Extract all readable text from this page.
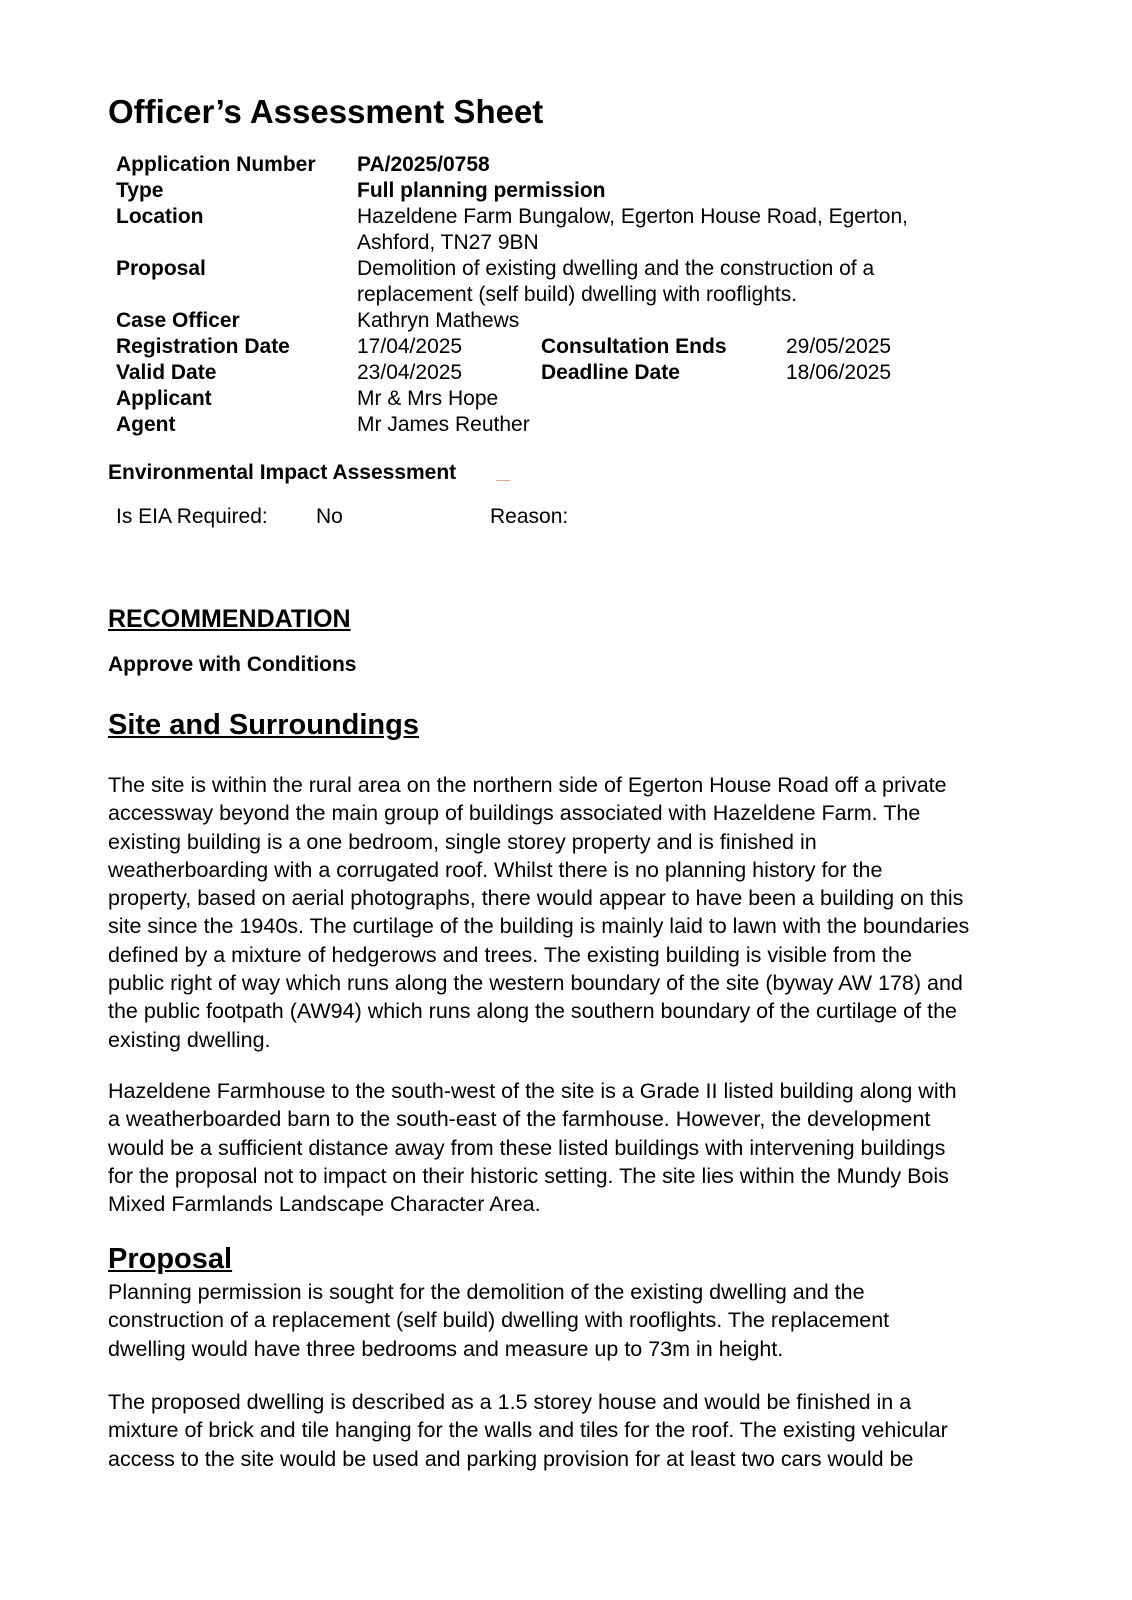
Officer’s Assessment Sheet
Application Number	PA/2025/0758		
Type	Full planning permission		
Location	Hazeldene Farm Bungalow, Egerton House Road, Egerton, Ashford, TN27 9BN		
Proposal	Demolition of existing dwelling and the construction of a replacement (self build) dwelling with rooflights.		
Case Officer	Kathryn Mathews		
Registration Date	17/04/2025	Consultation Ends	29/05/2025
Valid Date	23/04/2025	Deadline Date	18/06/2025
Applicant	Mr & Mrs Hope		
Agent	Mr James Reuther		
Environmental Impact Assessment
Is EIA Required: No	Reason:
RECOMMENDATION
Approve with Conditions
Site and Surroundings
The site is within the rural area on the northern side of Egerton House Road off a private
accessway beyond the main group of buildings associated with Hazeldene Farm. The
existing building is a one bedroom, single storey property and is finished in
weatherboarding with a corrugated roof. Whilst there is no planning history for the
property, based on aerial photographs, there would appear to have been a building on this
site since the 1940s. The curtilage of the building is mainly laid to lawn with the boundaries
defined by a mixture of hedgerows and trees. The existing building is visible from the
public right of way which runs along the western boundary of the site (byway AW 178) and
the public footpath (AW94) which runs along the southern boundary of the curtilage of the
existing dwelling.
Hazeldene Farmhouse to the south-west of the site is a Grade II listed building along with
a weatherboarded barn to the south-east of the farmhouse. However, the development
would be a sufficient distance away from these listed buildings with intervening buildings
for the proposal not to impact on their historic setting. The site lies within the Mundy Bois
Mixed Farmlands Landscape Character Area.
Proposal
Planning permission is sought for the demolition of the existing dwelling and the
construction of a replacement (self build) dwelling with rooflights. The replacement
dwelling would have three bedrooms and measure up to 73m in height.
The proposed dwelling is described as a 1.5 storey house and would be finished in a
mixture of brick and tile hanging for the walls and tiles for the roof. The existing vehicular
access to the site would be used and parking provision for at least two cars would be
